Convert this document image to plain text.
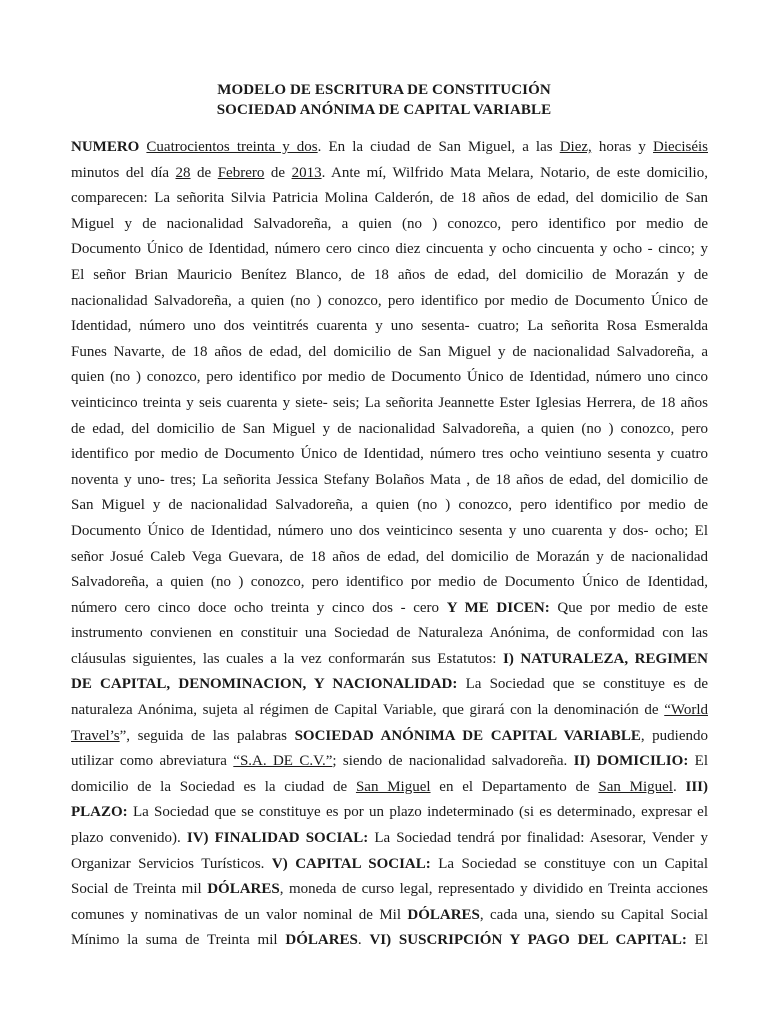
MODELO DE ESCRITURA DE CONSTITUCIÓN
SOCIEDAD ANÓNIMA DE CAPITAL VARIABLE
NUMERO Cuatrocientos treinta y dos. En la ciudad de San Miguel, a las Diez, horas y Dieciséis
minutos del día 28 de Febrero de 2013. Ante mí, Wilfrido Mata Melara, Notario, de este domicilio,
comparecen: La señorita Silvia Patricia Molina Calderón, de 18 años de edad, del domicilio de San
Miguel y de nacionalidad Salvadoreña, a quien (no ) conozco, pero identifico por medio de
Documento Único de Identidad, número cero cinco diez cincuenta y ocho cincuenta y ocho - cinco; y
El señor Brian Mauricio Benítez Blanco, de 18 años de edad, del domicilio de Morazán y de
nacionalidad Salvadoreña, a quien (no ) conozco, pero identifico por medio de Documento Único de
Identidad, número uno dos veintitrés cuarenta y uno sesenta- cuatro; La señorita Rosa Esmeralda
Funes Navarte, de 18 años de edad, del domicilio de San Miguel y de nacionalidad Salvadoreña, a
quien (no ) conozco, pero identifico por medio de Documento Único de Identidad, número uno cinco
veinticinco treinta y seis cuarenta y siete- seis; La señorita Jeannette Ester Iglesias Herrera, de 18 años
de edad, del domicilio de San Miguel y de nacionalidad Salvadoreña, a quien (no ) conozco, pero
identifico por medio de Documento Único de Identidad, número tres ocho veintiuno sesenta y cuatro
noventa y uno- tres; La señorita Jessica Stefany Bolaños Mata , de 18 años de edad, del domicilio de
San Miguel y de nacionalidad Salvadoreña, a quien (no ) conozco, pero identifico por medio de
Documento Único de Identidad, número uno dos veinticinco sesenta y uno cuarenta y dos- ocho; El
señor Josué Caleb Vega Guevara, de 18 años de edad, del domicilio de Morazán y de nacionalidad
Salvadoreña, a quien (no ) conozco, pero identifico por medio de Documento Único de Identidad,
número cero cinco doce ocho treinta y cinco dos - cero Y ME DICEN: Que por medio de este
instrumento convienen en constituir una Sociedad de Naturaleza Anónima, de conformidad con las
cláusulas siguientes, las cuales a la vez conformarán sus Estatutos: I) NATURALEZA, REGIMEN
DE CAPITAL, DENOMINACION, Y NACIONALIDAD: La Sociedad que se constituye es de
naturaleza Anónima, sujeta al régimen de Capital Variable, que girará con la denominación de “World
Travel’s”, seguida de las palabras SOCIEDAD ANÓNIMA DE CAPITAL VARIABLE, pudiendo
utilizar como abreviatura “S.A. DE C.V.”; siendo de nacionalidad salvadoreña. II) DOMICILIO: El
domicilio de la Sociedad es la ciudad de San Miguel en el Departamento de San Miguel. III)
PLAZO: La Sociedad que se constituye es por un plazo indeterminado (si es determinado, expresar el
plazo convenido). IV) FINALIDAD SOCIAL: La Sociedad tendrá por finalidad: Asesorar, Vender y
Organizar Servicios Turísticos. V) CAPITAL SOCIAL: La Sociedad se constituye con un Capital
Social de Treinta mil DÓLARES, moneda de curso legal, representado y dividido en Treinta acciones
comunes y nominativas de un valor nominal de Mil DÓLARES, cada una, siendo su Capital Social
Mínimo la suma de Treinta mil DÓLARES. VI) SUSCRIPCIÓN Y PAGO DEL CAPITAL: El
